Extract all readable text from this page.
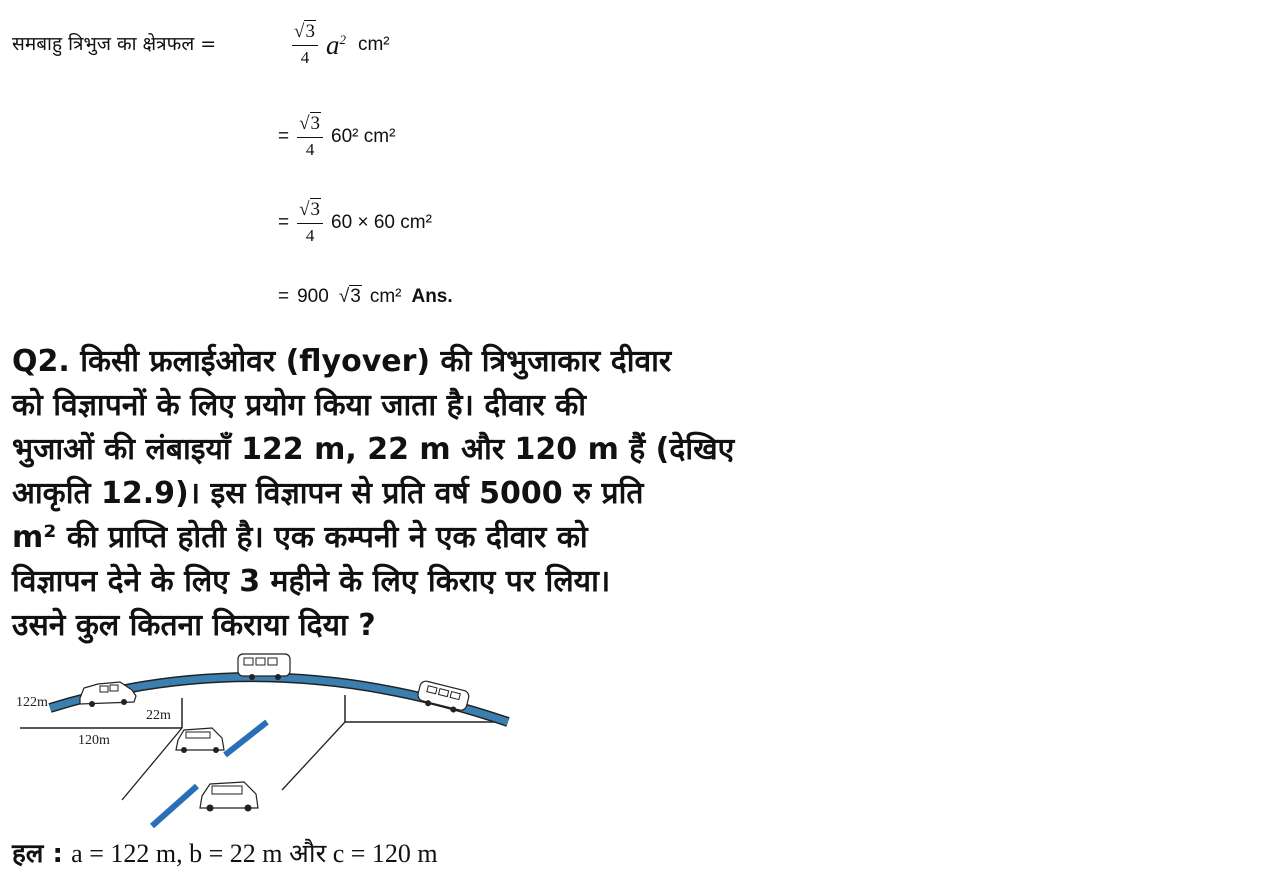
समबाहु त्रिभुज का क्षेत्रफल =	$\frac{√3}{4} a^2$ cm²
= $\frac{√3}{4} 60^2$ cm²
= $\frac{√3}{4} 60 \times 60$ cm²
= 900 √3 cm² Ans.
Q2. किसी फ्रलाईओवर (flyover) की त्रिभुजाकार दीवार
को विज्ञापनों के लिए प्रयोग किया जाता है। दीवार की
भुजाओं की लंबाइयाँ 122 m, 22 m और 120 m हैं (देखिए
आकृति 12.9)। इस विज्ञापन से प्रति वर्ष 5000 रु प्रति
m² की प्राप्ति होती है। एक कम्पनी ने एक दीवार को
विज्ञापन देने के लिए 3 महीने के लिए किराए पर लिया।
उसने कुल कितना किराया दिया ?
122m
22m
120m
हल : a = 122 m, b = 22 m और c = 120 m
